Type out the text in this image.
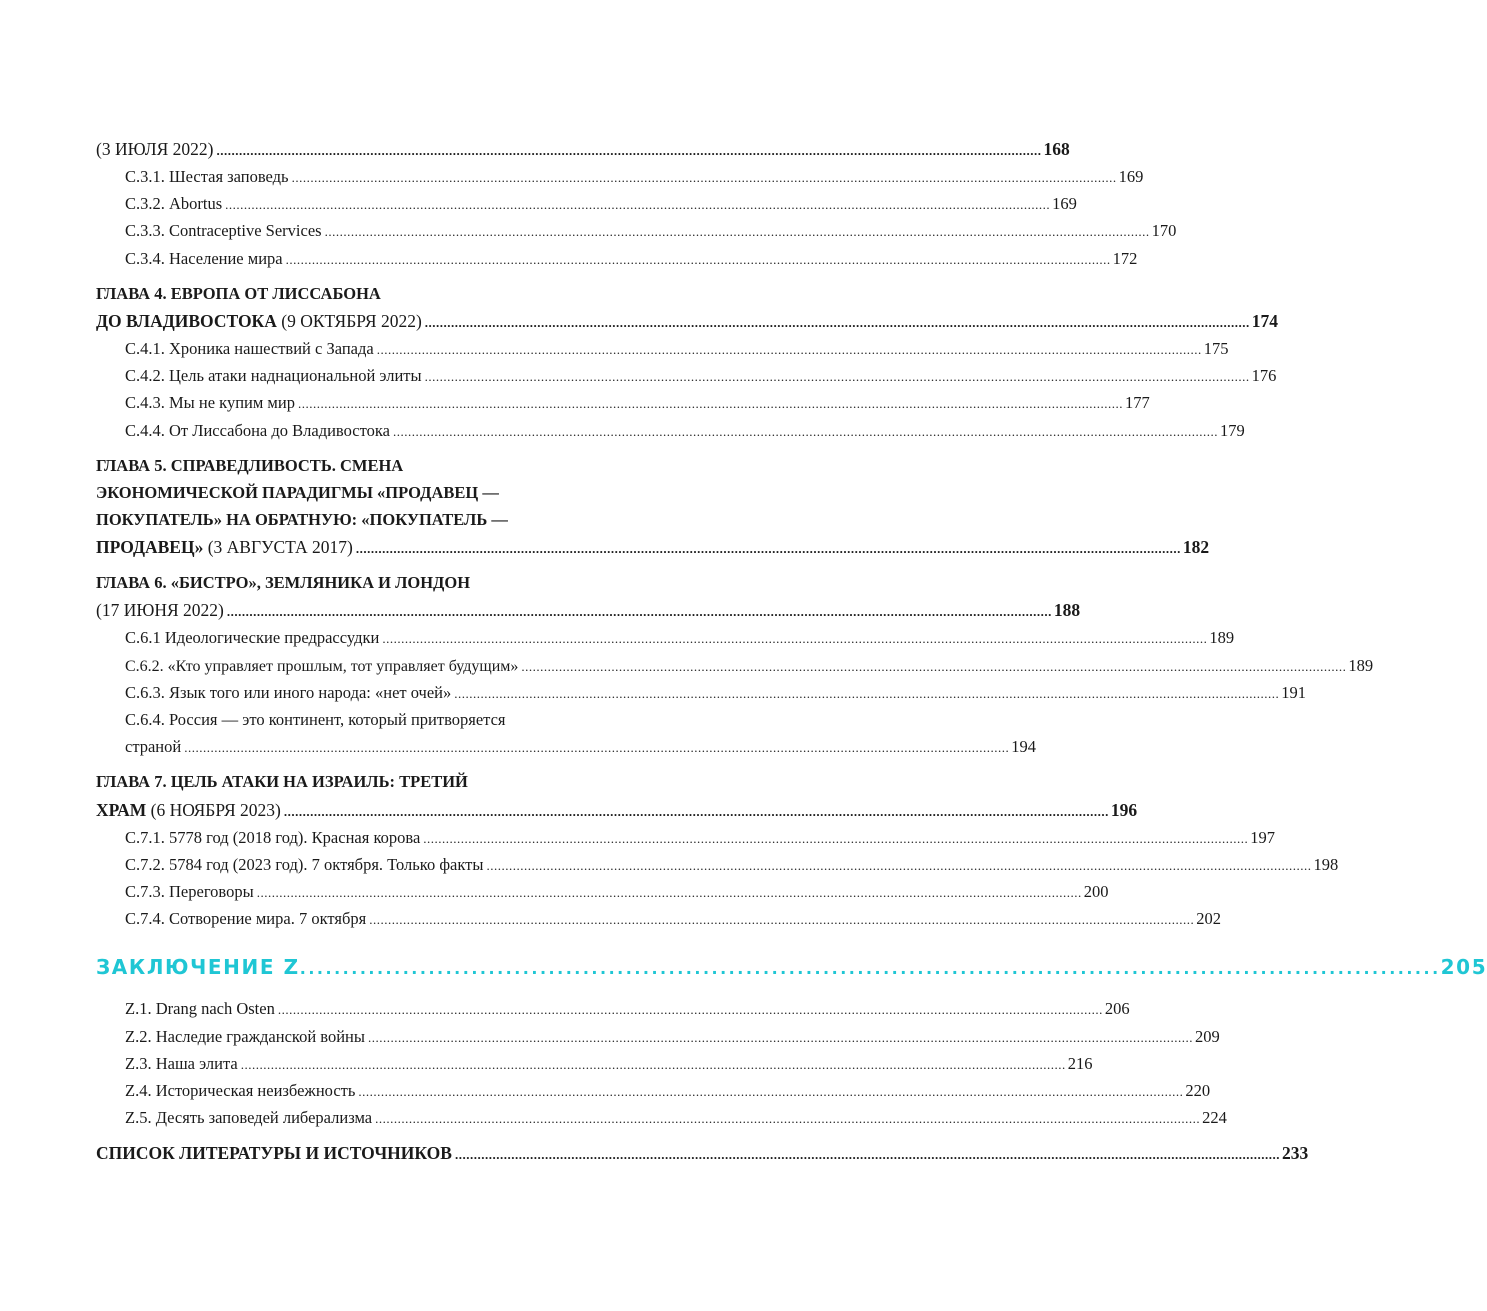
(3 ИЮЛЯ 2022) .....	168
С.3.1. Шестая заповедь .....	169
С.3.2. Abortus .....	169
С.3.3. Contraceptive Services .....	170
С.3.4. Население мира .....	172
ГЛАВА 4. ЕВРОПА ОТ ЛИССАБОНА
ДО ВЛАДИВОСТОКА (9 ОКТЯБРЯ 2022) .....	174
С.4.1. Хроника нашествий с Запада .....	175
С.4.2. Цель атаки наднациональной элиты .....	176
С.4.3. Мы не купим мир .....	177
С.4.4. От Лиссабона до Владивостока .....	179
ГЛАВА 5. СПРАВЕДЛИВОСТЬ. СМЕНА
ЭКОНОМИЧЕСКОЙ ПАРАДИГМЫ «ПРОДАВЕЦ —
ПОКУПАТЕЛЬ» НА ОБРАТНУЮ: «ПОКУПАТЕЛЬ —
ПРОДАВЕЦ» (3 АВГУСТА 2017) .....	182
ГЛАВА 6. «БИСТРО», ЗЕМЛЯНИКА И ЛОНДОН
(17 ИЮНЯ 2022) .....	188
С.6.1 Идеологические предрассудки .....	189
С.6.2. «Кто управляет прошлым, тот управляет будущим» .....	189
С.6.3. Язык того или иного народа: «нет очей» .....	191
С.6.4. Россия — это континент, который притворяется
страной .....	194
ГЛАВА 7. ЦЕЛЬ АТАКИ НА ИЗРАИЛЬ: ТРЕТИЙ
ХРАМ (6 НОЯБРЯ 2023) .....	196
С.7.1. 5778 год (2018 год). Красная корова .....	197
С.7.2. 5784 год (2023 год). 7 октября. Только факты .....	198
С.7.3. Переговоры .....	200
С.7.4. Сотворение мира. 7 октября .....	202
ЗАКЛЮЧЕНИЕ Z .....	205
Z.1. Drang nach Osten .....	206
Z.2. Наследие гражданской войны .....	209
Z.3. Наша элита .....	216
Z.4. Историческая неизбежность .....	220
Z.5. Десять заповедей либерализма .....	224
СПИСОК ЛИТЕРАТУРЫ И ИСТОЧНИКОВ .....	233
